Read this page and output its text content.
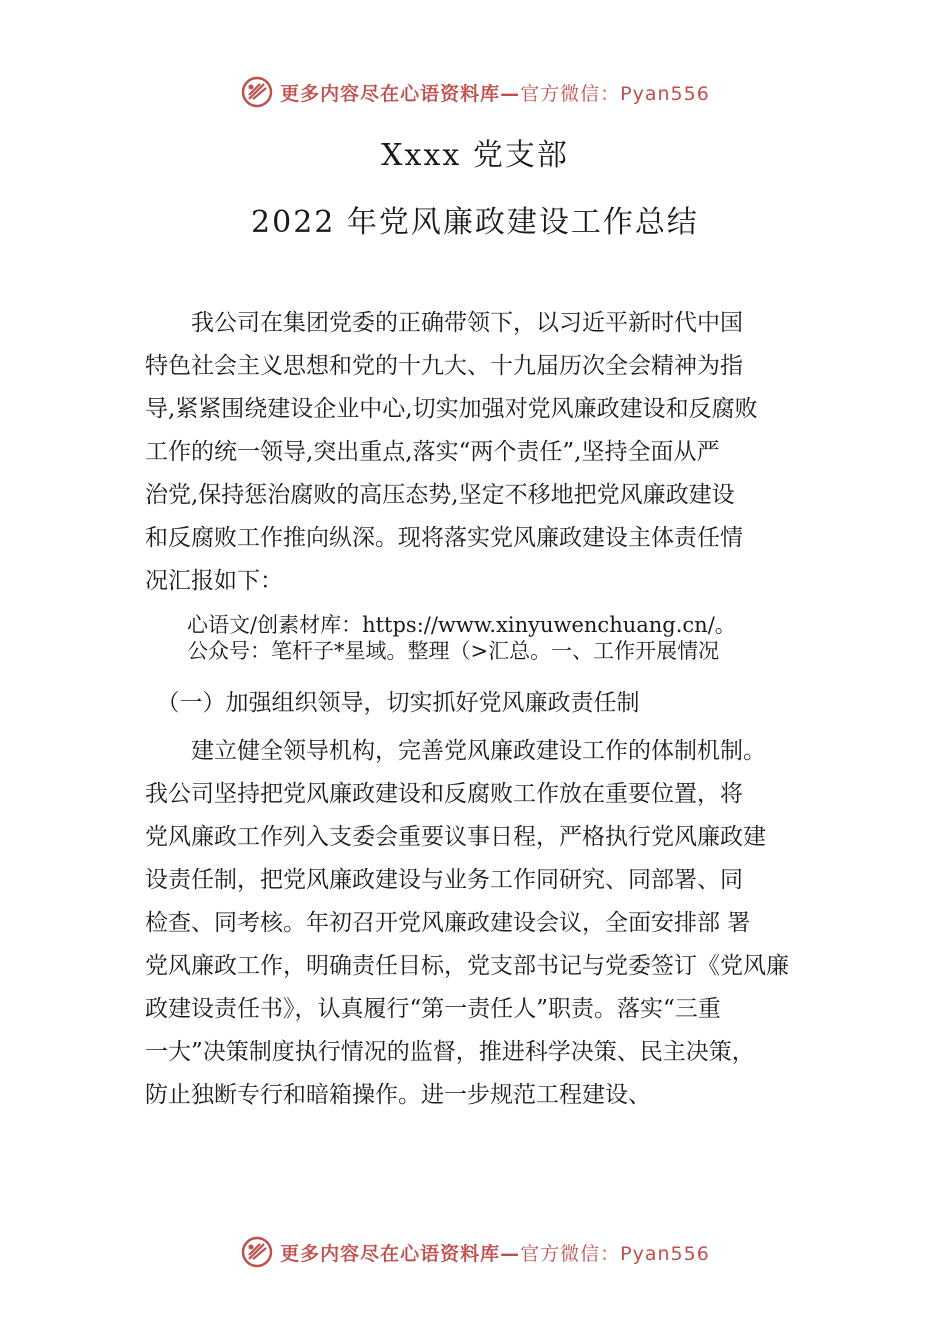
更多内容尽在心语资料库—官方微信：Pyan556
Xxxx 党支部
2022 年党风廉政建设工作总结
　　我公司在集团党委的正确带领下，以习近平新时代中国
特色社会主义思想和党的十九大、十九届历次全会精神为指
导,紧紧围绕建设企业中心,切实加强对党风廉政建设和反腐败
工作的统一领导,突出重点,落实“两个责任”,坚持全面从严
治党,保持惩治腐败的高压态势,坚定不移地把党风廉政建设
和反腐败工作推向纵深。现将落实党风廉政建设主体责任情
况汇报如下：
　　心语文/创素材库：https://www.xinyuwenchuang.cn/。
　　公众号：笔杆子*星域。整理（>汇总。一、工作开展情况
　（一）加强组织领导，切实抓好党风廉政责任制
　　建立健全领导机构，完善党风廉政建设工作的体制机制。
我公司坚持把党风廉政建设和反腐败工作放在重要位置，将
党风廉政工作列入支委会重要议事日程，严格执行党风廉政建
设责任制，把党风廉政建设与业务工作同研究、同部署、同
检查、同考核。年初召开党风廉政建设会议，全面安排部 署
党风廉政工作，明确责任目标，党支部书记与党委签订《党风廉
政建设责任书》，认真履行“第一责任人”职责。落实“三重
一大”决策制度执行情况的监督，推进科学决策、民主决策，
防止独断专行和暗箱操作。进一步规范工程建设、
更多内容尽在心语资料库—官方微信：Pyan556
